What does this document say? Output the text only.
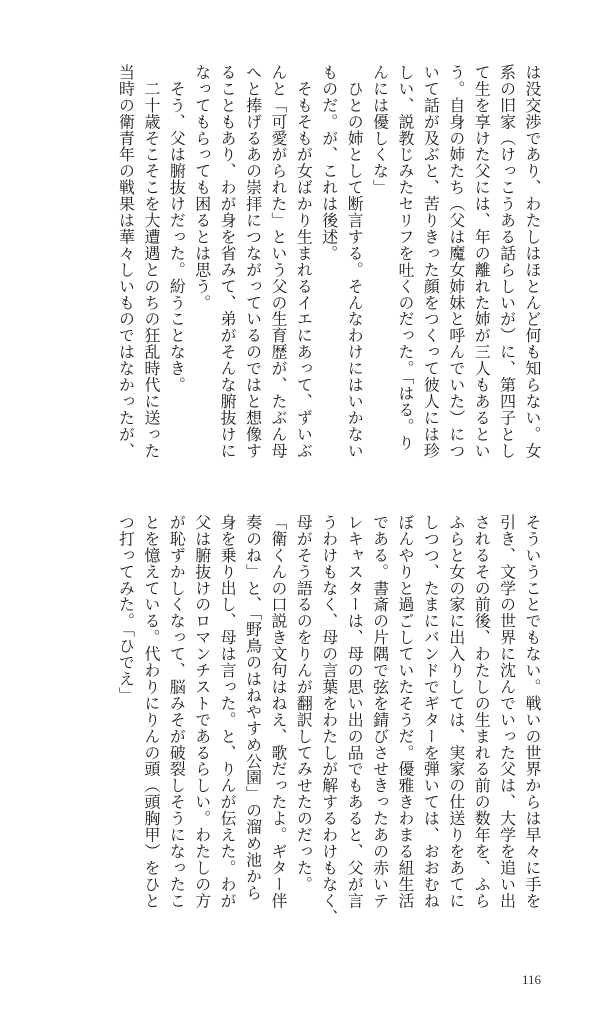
は没交渉であり、わたしはほとんど何も知らない。女
系の旧家（けっこうある話らしいが）に、第四子とし
て生を享けた父には、年の離れた姉が三人もあるとい
う。自身の姉たち（父は魔女姉妹と呼んでいた）につ
いて話が及ぶと、苦りきった顔をつくって彼人には珍
しい、説教じみたセリフを吐くのだった。「はる。り
んには優しくな」
　ひとの姉として断言する。そんなわけにはいかない
ものだ。が、これは後述。
　そもそもが女ばかり生まれるイエにあって、ずいぶ
んと「可愛がられた」という父の生育歴が、たぶん母
へと捧げるあの崇拝につながっているのではと想像す
ることもあり、わが身を省みて、弟がそんな腑抜けに
なってもらっても困るとは思う。
　そう、父は腑抜けだった。紛うことなき。
　二十歳そこそこを大遭遇とのちの狂乱時代に送った
当時の衛青年の戦果は華々しいものではなかったが、
そういうことでもない。戦いの世界からは早々に手を
引き、文学の世界に沈んでいった父は、大学を追い出
されるその前後、わたしの生まれる前の数年を、ふら
ふらと女の家に出入りしては、実家の仕送りをあてに
しつつ、たまにバンドでギターを弾いては、おおむね
ぼんやりと過ごしていたそうだ。優雅きわまる紐生活
である。書斎の片隅で弦を錆びさせきったあの赤いテ
レキャスターは、母の思い出の品でもあると、父が言
うわけもなく、母の言葉をわたしが解するわけもなく、
母がそう語るのをりんが翻訳してみせたのだった。
「衛くんの口説き文句はねえ、歌だったよ。ギター伴
奏のね」と、「野鳥のはねやすめ公園」の溜め池から
身を乗り出し、母は言った。と、りんが伝えた。わが
父は腑抜けのロマンチストであるらしい。わたしの方
が恥ずかしくなって、脳みそが破裂しそうになったこ
とを憶えている。代わりにりんの頭（頭胸甲）をひと
つ打ってみた。「ひでえ」
116
